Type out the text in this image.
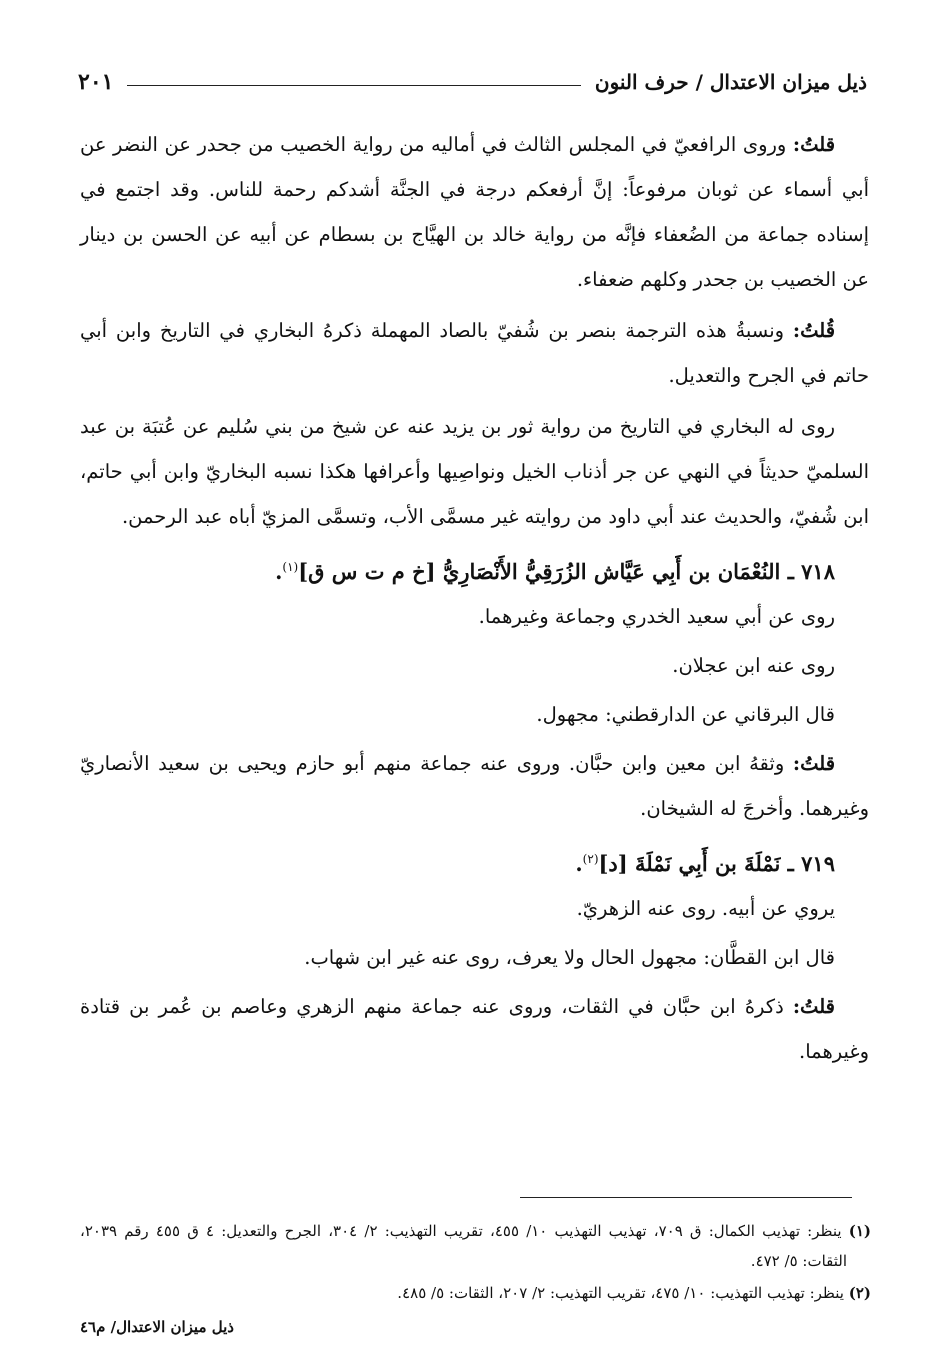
ذيل ميزان الاعتدال / حرف النون
٢٠١

قلتُ: وروى الرافعيّ في المجلس الثالث في أماليه من رواية الخصيب من جحدر عن النضر عن أبي أسماء عن ثوبان مرفوعاً: إنَّ أرفعكم درجة في الجنَّة أشدكم رحمة للناس. وقد اجتمع في إسناده جماعة من الضُعفاء فإنَّه من رواية خالد بن الهيَّاج بن بسطام عن أبيه عن الحسن بن دينار عن الخصيب بن جحدر وكلهم ضعفاء.

قُلتُ: ونسبةُ هذه الترجمة بنصر بن شُفيّ بالصاد المهملة ذكرهُ البخاري في التاريخ وابن أبي حاتم في الجرح والتعديل.

روى له البخاري في التاريخ من رواية ثور بن يزيد عنه عن شيخ من بني سُليم عن عُتبَة بن عبد السلميّ حديثاً في النهي عن جر أذناب الخيل ونواصِيها وأعرافها هكذا نسبه البخاريّ وابن أبي حاتم، ابن شُفيّ، والحديث عند أبي داود من روايته غير مسمَّى الأب، وتسمَّى المزيّ أباه عبد الرحمن.

٧١٨ ـ النُعْمَان بن أَبِي عَيَّاش الزُرَقِيُّ الأَنْصَارِيُّ [خ م ت س ق]$^{(١)}$.

روى عن أبي سعيد الخدري وجماعة وغيرهما.

روى عنه ابن عجلان.

قال البرقاني عن الدارقطني: مجهول.

قلتُ: وثقهُ ابن معين وابن حبَّان. وروى عنه جماعة منهم أبو حازم ويحيى بن سعيد الأنصاريّ وغيرهما. وأخرجَ له الشيخان.

٧١٩ ـ نَمْلَةَ بن أَبِي نَمْلَةَ [د]$^{(٢)}$.

يروي عن أبيه. روى عنه الزهريّ.

قال ابن القطَّان: مجهول الحال ولا يعرف، روى عنه غير ابن شهاب.

قلتُ: ذكرهُ ابن حبَّان في الثقات، وروى عنه جماعة منهم الزهري وعاصم بن عُمر بن قتادة وغيرهما.

(١) ينظر: تهذيب الكمال: ق ٧٠٩، تهذيب التهذيب ١٠/ ٤٥٥، تقريب التهذيب: ٢/ ٣٠٤، الجرح والتعديل: ٤ ق ٤٥٥ رقم ٢٠٣٩، الثقات: ٥/ ٤٧٢.

(٢) ينظر: تهذيب التهذيب: ١٠/ ٤٧٥، تقريب التهذيب: ٢/ ٢٠٧، الثقات: ٥/ ٤٨٥.

ذيل ميزان الاعتدال/ م٤٦
